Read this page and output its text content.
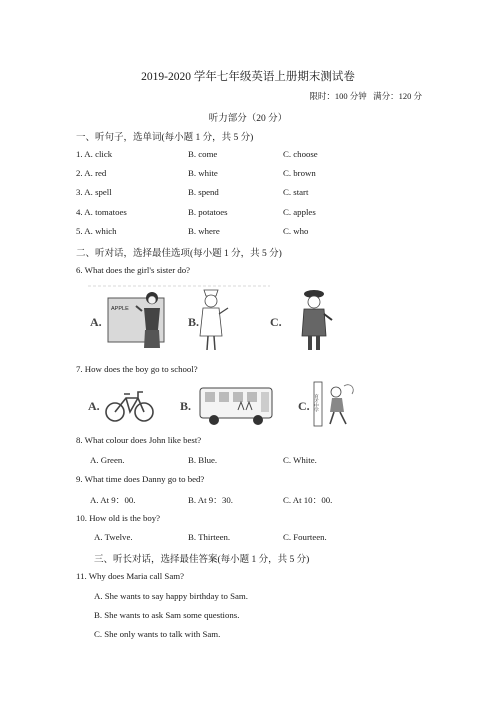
2019-2020 学年七年级英语上册期末测试卷
限时：100 分钟 满分：120 分
听力部分（20 分）
一、听句子，选单词(每小题 1 分，共 5 分)
1. A. click	B. come	C. choose
2. A. red	B. white	C. brown
3. A. spell	B. spend	C. start
4. A. tomatoes	B. potatoes	C. apples
5. A. which	B. where	C. who
二、听对话，选择最佳选项(每小题 1 分，共 5 分)
6. What does the girl's sister do?
A.
APPLE
B.	C.
7. How does the boy go to school?
A.	B.	C. 育才中学
8. What colour does John like best?
A. Green.	B. Blue.	C. White.
9. What time does Danny go to bed?
A. At 9：00.	B. At 9：30.	C. At 10：00.
10. How old is the boy?
A. Twelve.	B. Thirteen.	C. Fourteen.
三、听长对话，选择最佳答案(每小题 1 分，共 5 分)
11. Why does Maria call Sam?
A. She wants to say happy birthday to Sam.
B. She wants to ask Sam some questions.
C. She only wants to talk with Sam.
